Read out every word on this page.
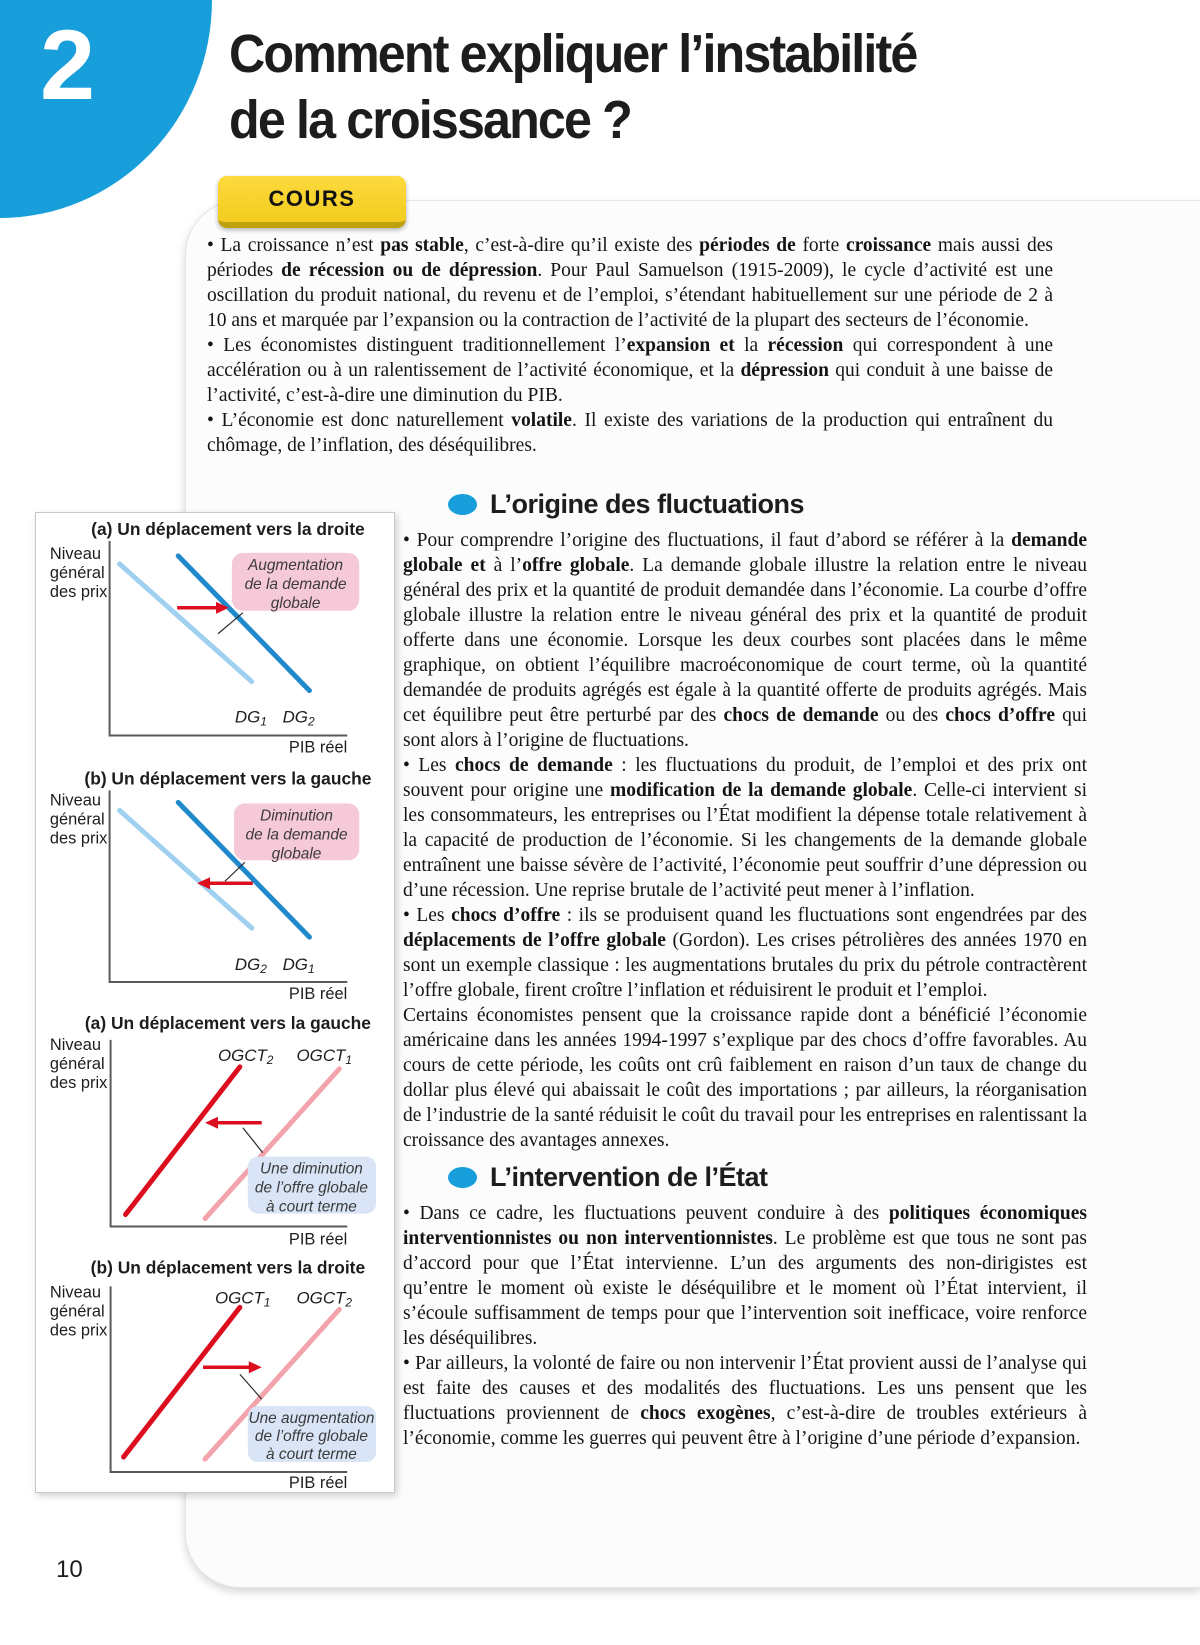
2 Comment expliquer l’instabilité
de la croissance ?
COURS

• La croissance n’est pas stable, c’est-à-dire qu’il existe des périodes de forte croissance mais aussi des périodes de récession ou de dépression. Pour Paul Samuelson (1915-2009), le cycle d’activité est une oscillation du produit national, du revenu et de l’emploi, s’étendant habituellement sur une période de 2 à 10 ans et marquée par l’expansion ou la contraction de l’activité de la plupart des secteurs de l’économie.

• Les économistes distinguent traditionnellement l’expansion et la récession qui correspondent à une accélération ou à un ralentissement de l’activité économique, et la dépression qui conduit à une baisse de l’activité, c’est-à-dire une diminution du PIB.

• L’économie est donc naturellement volatile. Il existe des variations de la production qui entraînent du chômage, de l’inflation, des déséquilibres.

(a) Un déplacement vers la droite
Niveau
général
des prix
Augmentation
de la demande
globale
DG1 DG2
PIB réel
(b) Un déplacement vers la gauche
Niveau
général
des prix
Diminution
de la demande
globale
DG2 DG1
PIB réel
(a) Un déplacement vers la gauche
Niveau
général
des prix
Une diminution
de l’offre globale
à court terme
OGCT2 OGCT1
PIB réel
(b) Un déplacement vers la droite
Niveau
général
des prix
Une augmentation
de l’offre globale
à court terme
OGCT1 OGCT2
PIB réel
L’origine des fluctuations

• Pour comprendre l’origine des fluctuations, il faut d’abord se référer à la demande globale et à l’offre globale. La demande globale illustre la relation entre le niveau général des prix et la quantité de produit demandée dans l’économie. La courbe d’offre globale illustre la relation entre le niveau général des prix et la quantité de produit offerte dans une économie. Lorsque les deux courbes sont placées dans le même graphique, on obtient l’équilibre macroéconomique de court terme, où la quantité demandée de produits agrégés est égale à la quantité offerte de produits agrégés. Mais cet équilibre peut être perturbé par des chocs de demande ou des chocs d’offre qui sont alors à l’origine de fluctuations.

• Les chocs de demande : les fluctuations du produit, de l’emploi et des prix ont souvent pour origine une modification de la demande globale. Celle-ci intervient si les consommateurs, les entreprises ou l’État modifient la dépense totale relativement à la capacité de production de l’économie. Si les changements de la demande globale entraînent une baisse sévère de l’activité, l’économie peut souffrir d’une dépression ou d’une récession. Une reprise brutale de l’activité peut mener à l’inflation.

• Les chocs d’offre : ils se produisent quand les fluctuations sont engendrées par des déplacements de l’offre globale (Gordon). Les crises pétrolières des années 1970 en sont un exemple classique : les augmentations brutales du prix du pétrole contractèrent l’offre globale, firent croître l’inflation et réduisirent le produit et l’emploi.

Certains économistes pensent que la croissance rapide dont a bénéficié l’économie américaine dans les années 1994-1997 s’explique par des chocs d’offre favorables. Au cours de cette période, les coûts ont crû faiblement en raison d’un taux de change du dollar plus élevé qui abaissait le coût des importations ; par ailleurs, la réorganisation de l’industrie de la santé réduisit le coût du travail pour les entreprises en ralentissant la croissance des avantages annexes.

L’intervention de l’État

• Dans ce cadre, les fluctuations peuvent conduire à des politiques économiques interventionnistes ou non interventionnistes. Le problème est que tous ne sont pas d’accord pour que l’État intervienne. L’un des arguments des non-dirigistes est qu’entre le moment où existe le déséquilibre et le moment où l’État intervient, il s’écoule suffisamment de temps pour que l’intervention soit inefficace, voire renforce les déséquilibres.

• Par ailleurs, la volonté de faire ou non intervenir l’État provient aussi de l’analyse qui est faite des causes et des modalités des fluctuations. Les uns pensent que les fluctuations proviennent de chocs exogènes, c’est-à-dire de troubles extérieurs à l’économie, comme les guerres qui peuvent être à l’origine d’une période d’expansion.

10
